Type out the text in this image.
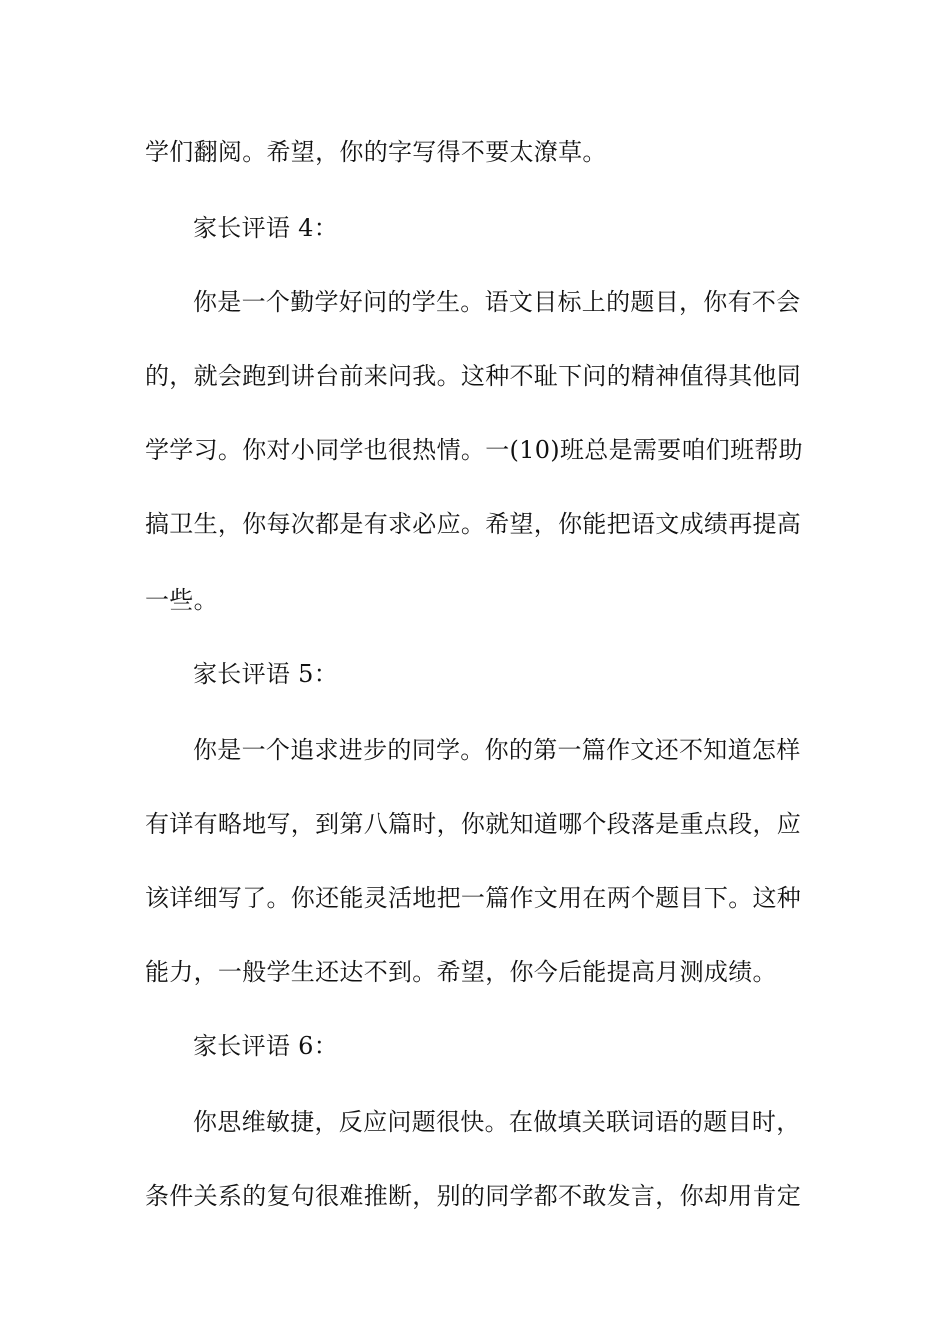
学们翻阅。希望，你的字写得不要太潦草。
家长评语 4：
你是一个勤学好问的学生。语文目标上的题目，你有不会
的，就会跑到讲台前来问我。这种不耻下问的精神值得其他同
学学习。你对小同学也很热情。一(10)班总是需要咱们班帮助
搞卫生，你每次都是有求必应。希望，你能把语文成绩再提高
一些。
家长评语 5：
你是一个追求进步的同学。你的第一篇作文还不知道怎样
有详有略地写，到第八篇时，你就知道哪个段落是重点段，应
该详细写了。你还能灵活地把一篇作文用在两个题目下。这种
能力，一般学生还达不到。希望，你今后能提高月测成绩。
家长评语 6：
你思维敏捷，反应问题很快。在做填关联词语的题目时，
条件关系的复句很难推断，别的同学都不敢发言，你却用肯定
